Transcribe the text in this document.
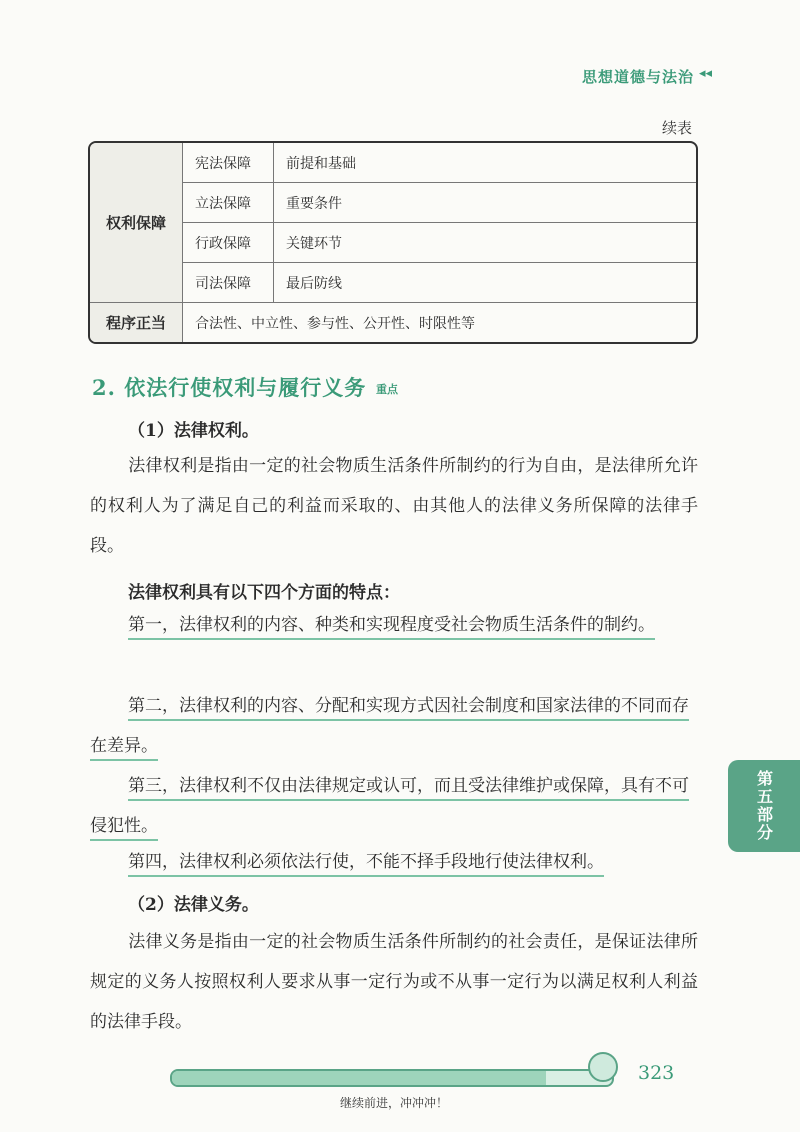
思想道德与法治 ◂◂
续表
权利保障	宪法保障	前提和基础
	立法保障	重要条件
	行政保障	关键环节
	司法保障	最后防线
程序正当	合法性、中立性、参与性、公开性、时限性等	
2. 依法行使权利与履行义务 重点
（1）法律权利。

法律权利是指由一定的社会物质生活条件所制约的行为自由，是法律所允许的权利人为了满足自己的利益而采取的、由其他人的法律义务所保障的法律手段。

法律权利具有以下四个方面的特点：

第一，法律权利的内容、种类和实现程度受社会物质生活条件的制约。

第二，法律权利的内容、分配和实现方式因社会制度和国家法律的不同而存在差异。

第三，法律权利不仅由法律规定或认可，而且受法律维护或保障，具有不可侵犯性。

第四，法律权利必须依法行使，不能不择手段地行使法律权利。

（2）法律义务。

法律义务是指由一定的社会物质生活条件所制约的社会责任，是保证法律所规定的义务人按照权利人要求从事一定行为或不从事一定行为以满足权利人利益的法律手段。

第五部分
323
继续前进，冲冲冲！
